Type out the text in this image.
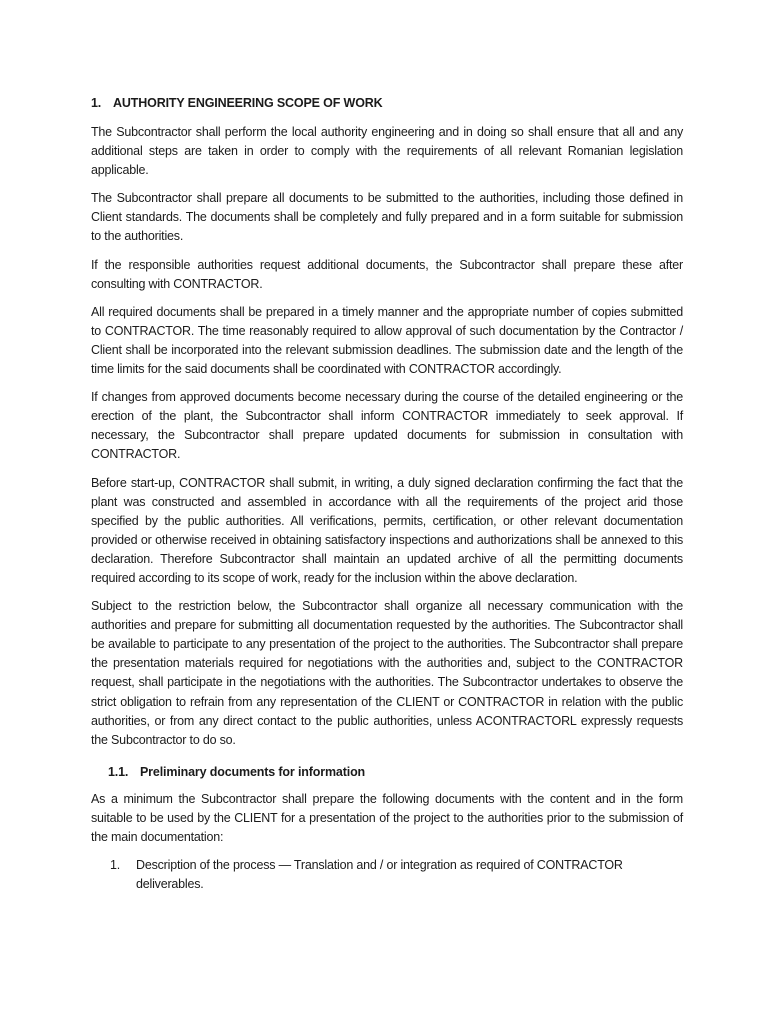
1. AUTHORITY ENGINEERING SCOPE OF WORK

The Subcontractor shall perform the local authority engineering and in doing so shall ensure that all and any additional steps are taken in order to comply with the requirements of all relevant Romanian legislation applicable.

The Subcontractor shall prepare all documents to be submitted to the authorities, including those defined in Client standards. The documents shall be completely and fully prepared and in a form suitable for submission to the authorities.

If the responsible authorities request additional documents, the Subcontractor shall prepare these after consulting with CONTRACTOR.

All required documents shall be prepared in a timely manner and the appropriate number of copies submitted to CONTRACTOR. The time reasonably required to allow approval of such documentation by the Contractor / Client shall be incorporated into the relevant submission deadlines. The submission date and the length of the time limits for the said documents shall be coordinated with CONTRACTOR accordingly.

If changes from approved documents become necessary during the course of the detailed engineering or the erection of the plant, the Subcontractor shall inform CONTRACTOR immediately to seek approval. If necessary, the Subcontractor shall prepare updated documents for submission in consultation with CONTRACTOR.

Before start-up, CONTRACTOR shall submit, in writing, a duly signed declaration confirming the fact that the plant was constructed and assembled in accordance with all the requirements of the project arid those specified by the public authorities. All verifications, permits, certification, or other relevant documentation provided or otherwise received in obtaining satisfactory inspections and authorizations shall be annexed to this declaration. Therefore Subcontractor shall maintain an updated archive of all the permitting documents required according to its scope of work, ready for the inclusion within the above declaration.

Subject to the restriction below, the Subcontractor shall organize all necessary communication with the authorities and prepare for submitting all documentation requested by the authorities. The Subcontractor shall be available to participate to any presentation of the project to the authorities. The Subcontractor shall prepare the presentation materials required for negotiations with the authorities and, subject to the CONTRACTOR request, shall participate in the negotiations with the authorities. The Subcontractor undertakes to observe the strict obligation to refrain from any representation of the CLIENT or CONTRACTOR in relation with the public authorities, or from any direct contact to the public authorities, unless ACONTRACTORL expressly requests the Subcontractor to do so.

1.1. Preliminary documents for information

As a minimum the Subcontractor shall prepare the following documents with the content and in the form suitable to be used by the CLIENT for a presentation of the project to the authorities prior to the submission of the main documentation:

1.	Description of the process — Translation and / or integration as required of CONTRACTOR deliverables.
